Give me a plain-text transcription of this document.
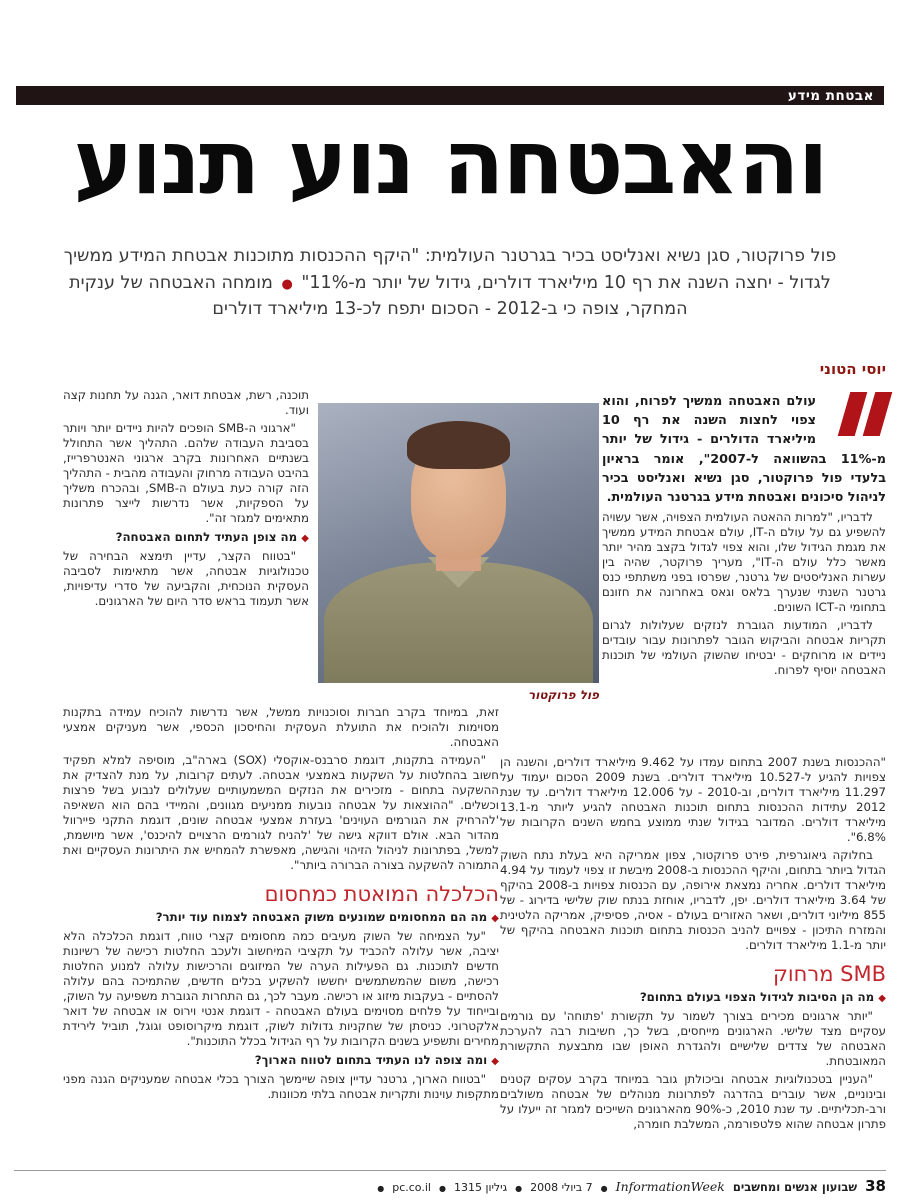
אבטחת מידע
והאבטחה נוע תנוע

פול פרוקטור, סגן נשיא ואנליסט בכיר בגרטנר העולמית: "היקף ההכנסות מתוכנות אבטחת המידע ממשיך לגדול - יחצה השנה את רף 10 מיליארד דולרים, גידול של יותר מ-11%" ● מומחה האבטחה של ענקית המחקר, צופה כי ב-2012 - הסכום יתפח לכ-13 מיליארד דולרים

יוסי הטוני

עולם האבטחה ממשיך לפרוח, והוא צפוי לחצות השנה את רף 10 מיליארד הדולרים - גידול של יותר מ-11% בהשוואה ל-2007", אומר בראיון בלעדי פול פרוקטור, סגן נשיא ואנליסט בכיר לניהול סיכונים ואבטחת מידע בגרטנר העולמית.

לדבריו, "למרות ההאטה העולמית הצפויה, אשר עשויה להשפיע גם על עולם ה-IT, עולם אבטחת המידע ממשיך את מגמת הגידול שלו, והוא צפוי לגדול בקצב מהיר יותר מאשר כלל עולם ה-IT", מעריך פרוקטר, שהיה בין עשרות האנליסטים של גרטנר, שפרסו בפני משתתפי כנס גרטנר השנתי שנערך בלאס וגאס באחרונה את חזונם בתחומי ה-ICT השונים.

לדבריו, המודעות הגוברת לנזקים שעלולות לגרום תקריות אבטחה והביקוש הגובר לפתרונות עבור עובדים ניידים או מרוחקים - יבטיחו שהשוק העולמי של תוכנות האבטחה יוסיף לפרוח.

פול פרוקטור

תוכנה, רשת, אבטחת דואר, הגנה על תחנות קצה ועוד.

"ארגוני ה-SMB הופכים להיות ניידים יותר ויותר בסביבת העבודה שלהם. התהליך אשר התחולל בשנתיים האחרונות בקרב ארגוני האנטרפרייז, בהיבט העבודה מרחוק והעבודה מהבית - התהליך הזה קורה כעת בעולם ה-SMB, ובהכרח משליך על הספקיות, אשר נדרשות לייצר פתרונות מתאימים למגזר זה".

◆ מה צופן העתיד לתחום האבטחה?

"בטווח הקצר, עדיין תימצא הבחירה של טכנולוגיות אבטחה, אשר מתאימות לסביבה העסקית הנוכחית, והקביעה של סדרי עדיפויות, אשר תעמוד בראש סדר היום של הארגונים.

זאת, במיוחד בקרב חברות וסוכנויות ממשל, אשר נדרשות להוכיח עמידה בתקנות מסוימות ולהוכיח את התועלת העסקית והחיסכון הכספי, אשר מעניקים אמצעי האבטחה.

"העמידה בתקנות, דוגמת סרבנס-אוקסלי (SOX) בארה"ב, מוסיפה למלא תפקיד חשוב בהחלטות על השקעות באמצעי אבטחה. לעתים קרובות, על מנת להצדיק את ההשקעה בתחום - מזכירים את הנזקים המשמעותיים שעלולים לנבוע בשל פרצות וכשלים. "ההוצאות על אבטחה נובעות ממניעים מגוונים, והמיידי בהם הוא השאיפה 'להרחיק את הגורמים העוינים' בעזרת אמצעי אבטחה שונים, דוגמת התקני פיירוול מהדור הבא. אולם דווקא גישה של 'להניח לגורמים הרצויים להיכנס', אשר מיושמת, למשל, בפתרונות לניהול הזיהוי והגישה, מאפשרת להמחיש את היתרונות העסקיים ואת התמורה להשקעה בצורה הברורה ביותר".

הכלכלה המואטת כמחסום

◆ מה הם המחסומים שמונעים משוק האבטחה לצמוח עוד יותר?

"על הצמיחה של השוק מעיבים כמה מחסומים קצרי טווח, דוגמת הכלכלה הלא יציבה, אשר עלולה להכביד על תקציבי המיחשוב ולעכב החלטות רכישה של רשיונות חדשים לתוכנות. גם הפעילות הערה של המיזוגים והרכישות עלולה למנוע החלטות רכישה, משום שהמשתמשים יחששו להשקיע בכלים חדשים, שהתמיכה בהם עלולה להסתיים - בעקבות מיזוג או רכישה. מעבר לכך, גם התחרות הגוברת משפיעה על השוק, ובייחוד על פלחים מסוימים בעולם האבטחה - דוגמת אנטי וירוס או אבטחה של דואר אלקטרוני. כניסתן של שחקניות גדולות לשוק, דוגמת מיקרוסופט וגוגל, תוביל לירידת מחירים ותשפיע בשנים הקרובות על רף הגידול בכלל התוכנות".

◆ ומה צופה לנו העתיד בתחום לטווח הארוך?

"בטווח הארוך, גרטנר עדיין צופה שיימשך הצורך בכלי אבטחה שמעניקים הגנה מפני מתקפות עוינות ותקריות אבטחה בלתי מכוונות.

"ההכנסות בשנת 2007 בתחום עמדו על 9.462 מיליארד דולרים, והשנה הן צפויות להגיע ל-10.527 מיליארד דולרים. בשנת 2009 הסכום יעמוד על 11.297 מיליארד דולרים, וב-2010 - על 12.006 מיליארד דולרים. עד שנת 2012 עתידות ההכנסות בתחום תוכנות האבטחה להגיע ליותר מ-13.1 מיליארד דולרים. המדובר בגידול שנתי ממוצע בחמש השנים הקרובות של 6.8%".

בחלוקה גיאוגרפית, פירט פרוקטור, צפון אמריקה היא בעלת נתח השוק הגדול ביותר בתחום, והיקף ההכנסות ב-2008 מיבשת זו צפוי לעמוד על 4.94 מיליארד דולרים. אחריה נמצאת אירופה, עם הכנסות צפויות ב-2008 בהיקף של 3.64 מיליארד דולרים. יפן, לדבריו, אוחזת בנתח שוק שלישי בדירוג - של 855 מיליוני דולרים, ושאר האזורים בעולם - אסיה, פסיפיק, אמריקה הלטינית והמזרח התיכון - צפויים להניב הכנסות בתחום תוכנות האבטחה בהיקף של יותר מ-1.1 מיליארד דולרים.

SMB מרחוק

◆ מה הן הסיבות לגידול הצפוי בעולם בתחום?

"יותר ארגונים מכירים בצורך לשמור על תקשורת 'פתוחה' עם גורמים עסקיים מצד שלישי. הארגונים מייחסים, בשל כך, חשיבות רבה להערכת האבטחה של צדדים שלישיים ולהגדרת האופן שבו מתבצעת התקשורת המאובטחת.

"העניין בטכנולוגיות אבטחה וביכולתן גובר במיוחד בקרב עסקים קטנים ובינוניים, אשר עוברים בהדרגה לפתרונות מנוהלים של אבטחה משולבים ורב-תכליתיים. עד שנת 2010, כ-90% מהארגונים השייכים למגזר זה ייעלו על פתרון אבטחה שהוא פלטפורמה, המשלבת חומרה,

38
שבועון אנשים ומחשבים
InformationWeek
●
7 ביולי 2008
●
גיליון 1315
●
pc.co.il
●
